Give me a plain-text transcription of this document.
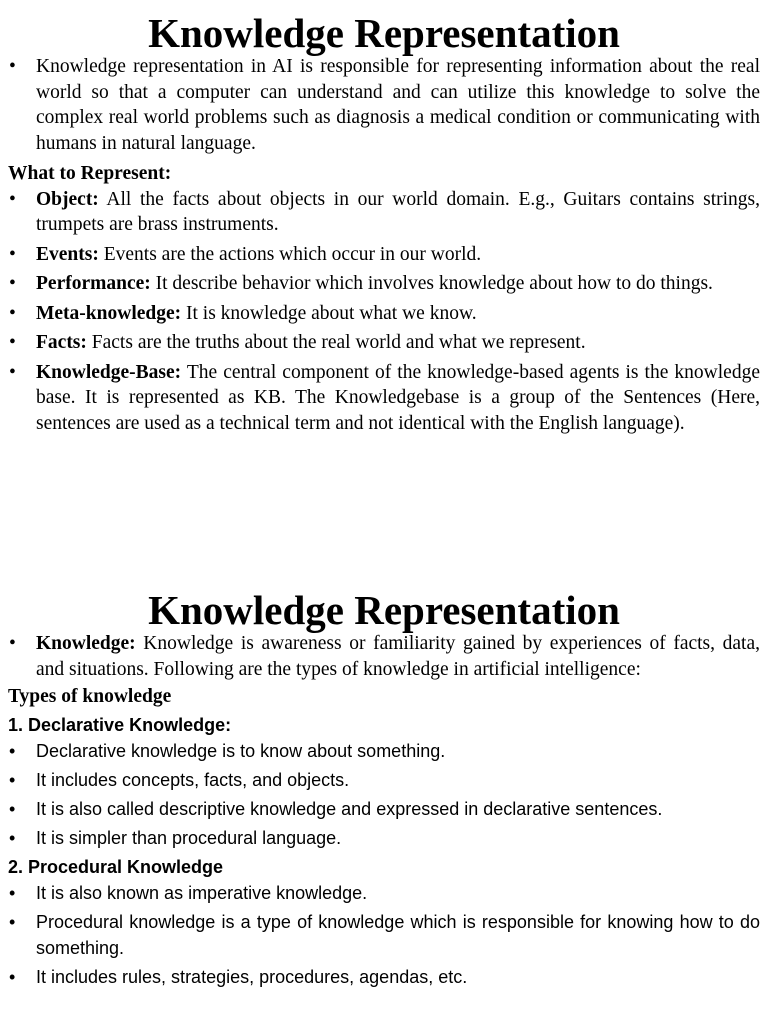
Knowledge Representation
• Knowledge representation in AI is responsible for representing information about the real world so that a computer can understand and can utilize this knowledge to solve the complex real world problems such as diagnosis a medical condition or communicating with humans in natural language.
What to Represent:
• Object: All the facts about objects in our world domain. E.g., Guitars contains strings, trumpets are brass instruments.
• Events: Events are the actions which occur in our world.
• Performance: It describe behavior which involves knowledge about how to do things.
• Meta-knowledge: It is knowledge about what we know.
• Facts: Facts are the truths about the real world and what we represent.
• Knowledge-Base: The central component of the knowledge-based agents is the knowledge base. It is represented as KB. The Knowledgebase is a group of the Sentences (Here, sentences are used as a technical term and not identical with the English language).
Knowledge Representation
• Knowledge: Knowledge is awareness or familiarity gained by experiences of facts, data, and situations. Following are the types of knowledge in artificial intelligence:
Types of knowledge
1. Declarative Knowledge:
• Declarative knowledge is to know about something.
• It includes concepts, facts, and objects.
• It is also called descriptive knowledge and expressed in declarative sentences.
• It is simpler than procedural language.
2. Procedural Knowledge
• It is also known as imperative knowledge.
• Procedural knowledge is a type of knowledge which is responsible for knowing how to do something.
• It includes rules, strategies, procedures, agendas, etc.
